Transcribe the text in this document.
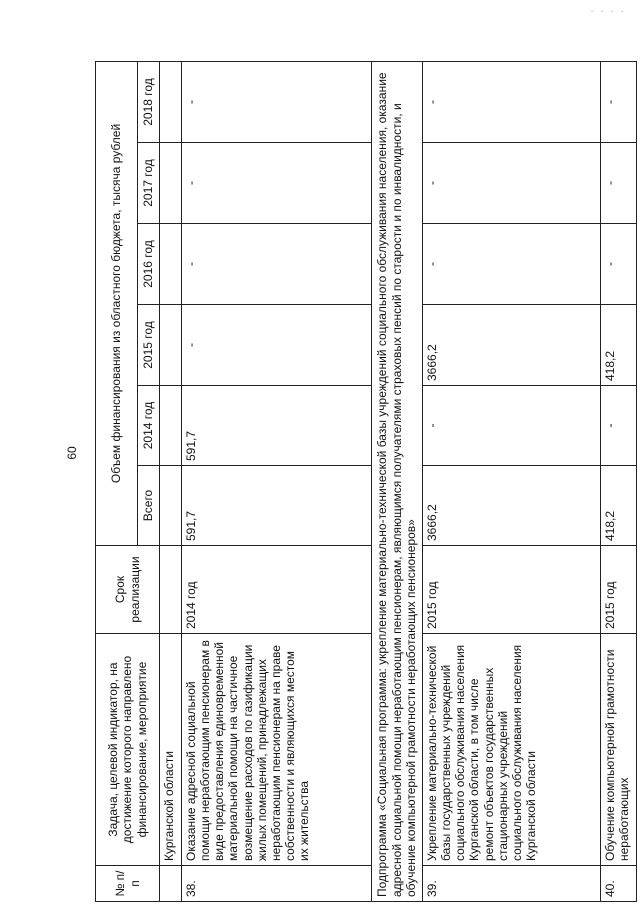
· · · ·
60
№ п/п	Задача, целевой индикатор, на достижение которого направлено финансирование, мероприятие	Срок реализации	Объем финансирования из областного бюджета, тысяча рублей					
			Всего	2014 год	2015 год	2016 год	2017 год	2018 год
	Курганской области							
38.	Оказание адресной социальной помощи неработающим пенсионерам в виде предоставления единовременной материальной помощи на частичное возмещение расходов по газификации жилых помещений, принадлежащих неработающим пенсионерам на праве собственности и являющихся местом их жительства	2014 год	591,7	591,7	-	-	-	-
Подпрограмма «Социальная программа: укрепление материально-технической базы учреждений социального обслуживания населения, оказание адресной социальной помощи неработающим пенсионерам, являющимся получателями страховых пенсий по старости и по инвалидности, и обучение компьютерной грамотности неработающих пенсионеров»								
39.	Укрепление материально-технической базы государственных учреждений социального обслуживания населения Курганской области, в том числе ремонт объектов государственных стационарных учреждений социального обслуживания населения Курганской области	2015 год	3666,2	-	3666,2	-	-	-
40.	Обучение компьютерной грамотности неработающих	2015 год	418,2	-	418,2	-	-	-
